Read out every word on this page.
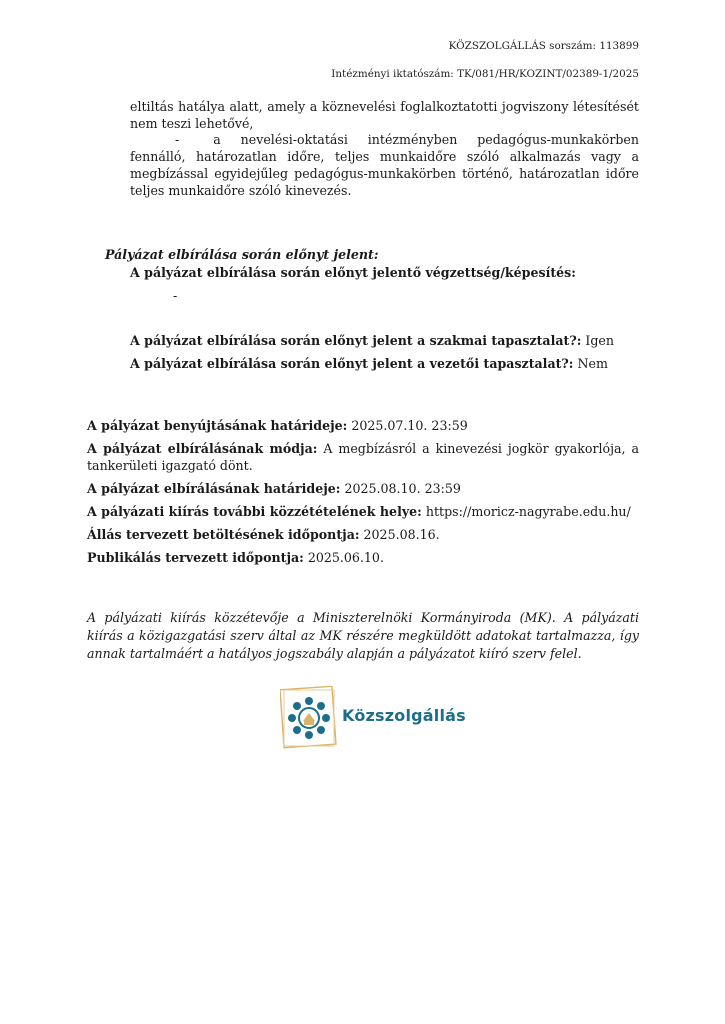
KÖZSZOLGÁLLÁS sorszám: 113899
Intézményi iktatószám: TK/081/HR/KOZINT/02389-1/2025
eltiltás hatálya alatt, amely a köznevelési foglalkoztatotti jogviszony létesítését nem teszi lehetővé,
-	a nevelési-oktatási intézményben pedagógus-munkakörben fennálló, határozatlan időre, teljes munkaidőre szóló alkalmazás vagy a megbízással egyidejűleg pedagógus-munkakörben történő, határozatlan időre teljes munkaidőre szóló kinevezés.
Pályázat elbírálása során előnyt jelent:
A pályázat elbírálása során előnyt jelentő végzettség/képesítés:
-
A pályázat elbírálása során előnyt jelent a szakmai tapasztalat?: Igen
A pályázat elbírálása során előnyt jelent a vezetői tapasztalat?: Nem
A pályázat benyújtásának határideje: 2025.07.10. 23:59
A pályázat elbírálásának módja: A megbízásról a kinevezési jogkör gyakorlója, a tankerületi igazgató dönt.
A pályázat elbírálásának határideje: 2025.08.10. 23:59
A pályázati kiírás további közzétételének helye: https://moricz-nagyrabe.edu.hu/
Állás tervezett betöltésének időpontja: 2025.08.16.
Publikálás tervezett időpontja: 2025.06.10.
A pályázati kiírás közzétevője a Miniszterelnöki Kormányiroda (MK). A pályázati kiírás a közigazgatási szerv által az MK részére megküldött adatokat tartalmazza, így annak tartalmáért a hatályos jogszabály alapján a pályázatot kiíró szerv felel.
Közszolgállás
